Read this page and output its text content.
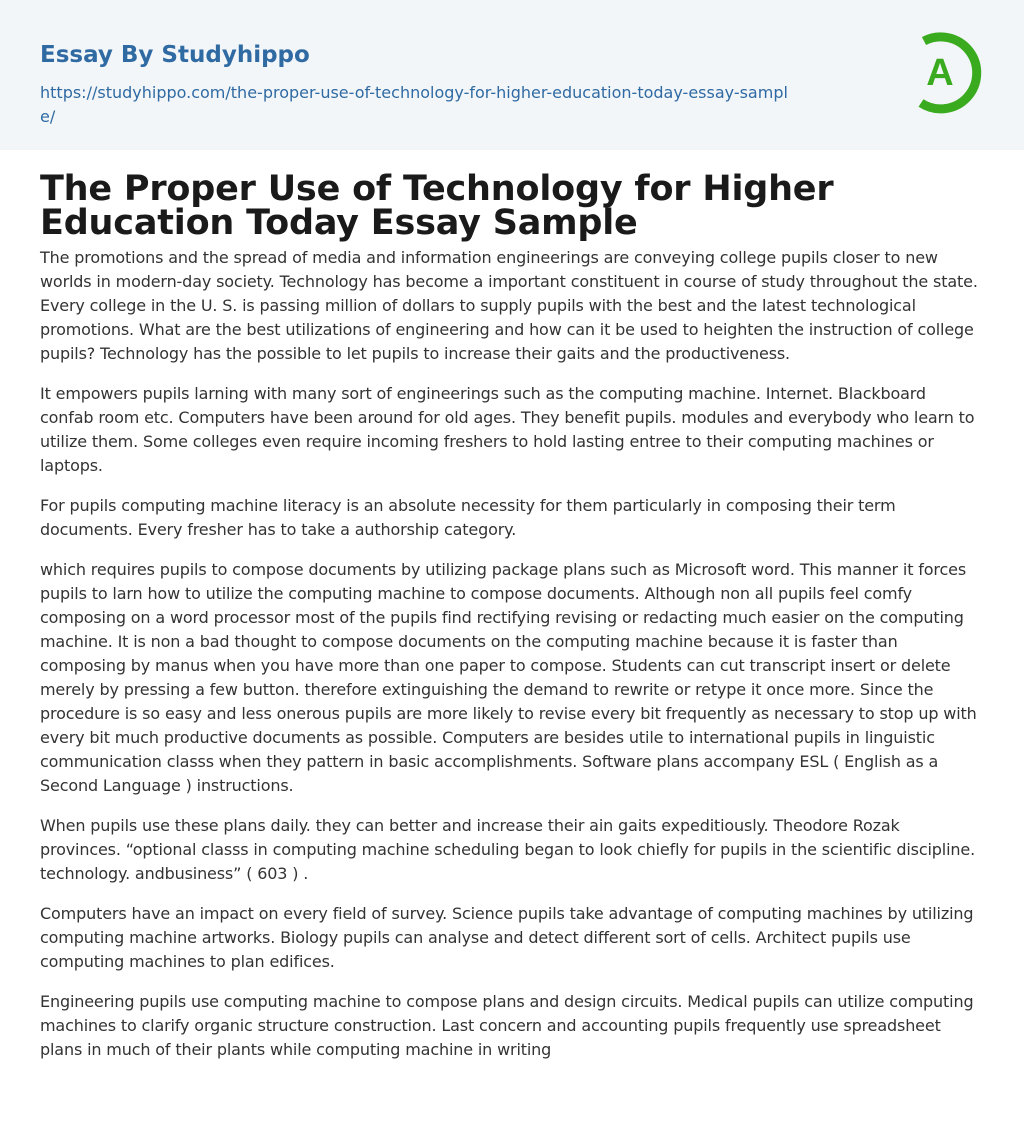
Essay By Studyhippo
https://studyhippo.com/the-proper-use-of-technology-for-higher-education-today-essay-sample/
A
The Proper Use of Technology for Higher Education Today Essay Sample

The promotions and the spread of media and information engineerings are conveying college pupils closer to new worlds in modern-day society. Technology has become a important constituent in course of study throughout the state. Every college in the U. S. is passing million of dollars to supply pupils with the best and the latest technological promotions. What are the best utilizations of engineering and how can it be used to heighten the instruction of college pupils? Technology has the possible to let pupils to increase their gaits and the productiveness.

It empowers pupils larning with many sort of engineerings such as the computing machine. Internet. Blackboard confab room etc. Computers have been around for old ages. They benefit pupils. modules and everybody who learn to utilize them. Some colleges even require incoming freshers to hold lasting entree to their computing machines or laptops.

For pupils computing machine literacy is an absolute necessity for them particularly in composing their term documents. Every fresher has to take a authorship category.

which requires pupils to compose documents by utilizing package plans such as Microsoft word. This manner it forces pupils to larn how to utilize the computing machine to compose documents. Although non all pupils feel comfy composing on a word processor most of the pupils find rectifying revising or redacting much easier on the computing machine. It is non a bad thought to compose documents on the computing machine because it is faster than composing by manus when you have more than one paper to compose. Students can cut transcript insert or delete merely by pressing a few button. therefore extinguishing the demand to rewrite or retype it once more. Since the procedure is so easy and less onerous pupils are more likely to revise every bit frequently as necessary to stop up with every bit much productive documents as possible. Computers are besides utile to international pupils in linguistic communication classs when they pattern in basic accomplishments. Software plans accompany ESL ( English as a Second Language ) instructions.

When pupils use these plans daily. they can better and increase their ain gaits expeditiously. Theodore Rozak provinces. “optional classs in computing machine scheduling began to look chiefly for pupils in the scientific discipline. technology. andbusiness” ( 603 ) .

Computers have an impact on every field of survey. Science pupils take advantage of computing machines by utilizing computing machine artworks. Biology pupils can analyse and detect different sort of cells. Architect pupils use computing machines to plan edifices.

Engineering pupils use computing machine to compose plans and design circuits. Medical pupils can utilize computing machines to clarify organic structure construction. Last concern and accounting pupils frequently use spreadsheet plans in much of their plants while computing machine in writing
